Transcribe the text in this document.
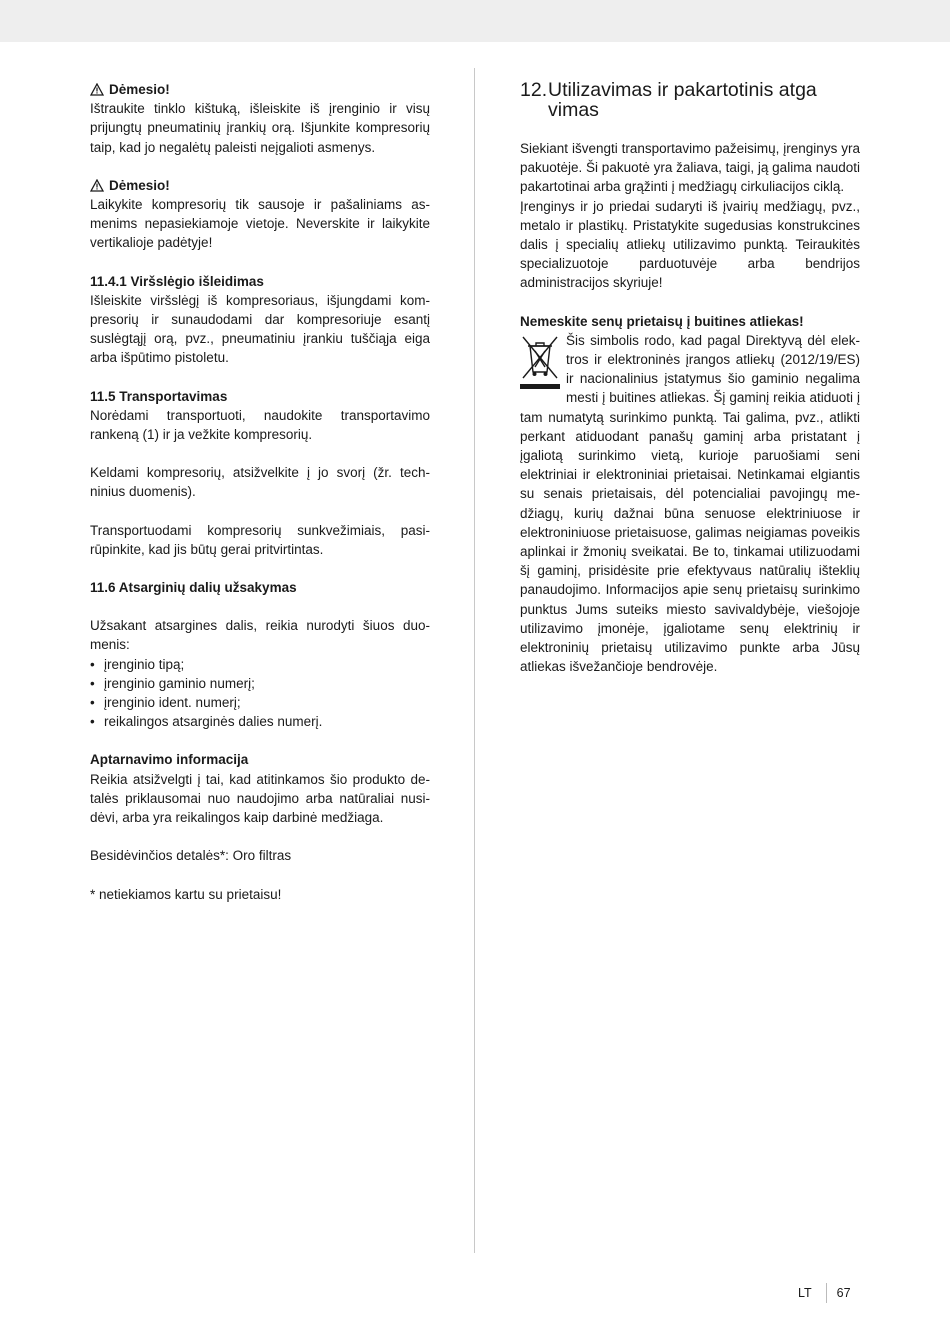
Dėmesio!

Ištraukite tinklo kištuką, išleiskite iš įrenginio ir visų prijungtų pneumatinių įrankių orą. Išjunkite kompresorių taip, kad jo negalėtų paleisti neįgalioti asmenys.

Dėmesio!

Laikykite kompresorių tik sausoje ir pašaliniams asmenims nepasiekiamoje vietoje. Neverskite ir laikykite vertikalioje padėtyje!

11.4.1 Viršslėgio išleidimas

Išleiskite viršslėgį iš kompresoriaus, išjungdami kompresorių ir sunaudodami dar kompresoriuje esantį suslėgtąjį orą, pvz., pneumatiniu įrankiu tuščiąja eiga arba išpūtimo pistoletu.

11.5 Transportavimas

Norėdami transportuoti, naudokite transportavimo rankeną (1) ir ja vežkite kompresorių.

Keldami kompresorių, atsižvelkite į jo svorį (žr. techninius duomenis).

Transportuodami kompresorių sunkvežimiais, pasirūpinkite, kad jis būtų gerai pritvirtintas.

11.6 Atsarginių dalių užsakymas

Užsakant atsargines dalis, reikia nurodyti šiuos duomenis:

• įrenginio tipą;
• įrenginio gaminio numerį;
• įrenginio ident. numerį;
• reikalingos atsarginės dalies numerį.

Aptarnavimo informacija

Reikia atsižvelgti į tai, kad atitinkamos šio produkto detalės priklausomai nuo naudojimo arba natūraliai nusidėvi, arba yra reikalingos kaip darbinė medžiaga.

Besidėvinčios detalės*: Oro filtras

* netiekiamos kartu su prietaisu!

12.Utilizavimas ir pakartotinis atga
vimas

Siekiant išvengti transportavimo pažeisimų, įrenginys yra pakuotėje. Ši pakuotė yra žaliava, taigi, ją galima naudoti pakartotinai arba grąžinti į medžiagų cirkuliacijos ciklą.

Įrenginys ir jo priedai sudaryti iš įvairių medžiagų, pvz., metalo ir plastikų. Pristatykite sugedusias konstrukcines dalis į specialių atliekų utilizavimo punktą. Teiraukitės specializuotoje parduotuvėje arba bendrijos administracijos skyriuje!

Nemeskite senų prietaisų į buitines atliekas!

Šis simbolis rodo, kad pagal Direktyvą dėl elektros ir elektroninės įrangos atliekų (2012/19/ES) ir nacionalinius įstatymus šio gaminio negalima mesti į buitines atliekas. Šį gaminį reikia atiduoti į tam numatytą surinkimo punktą. Tai galima, pvz., atlikti perkant atiduodant panašų gaminį arba pristatant į įgaliotą surinkimo vietą, kurioje paruošiami seni elektriniai ir elektroniniai prietaisai. Netinkamai elgiantis su senais prietaisais, dėl potencialiai pavojingų medžiagų, kurių dažnai būna senuose elektriniuose ir elektroniniuose prietaisuose, galimas neigiamas poveikis aplinkai ir žmonių sveikatai. Be to, tinkamai utilizuodami šį gaminį, prisidėsite prie efektyvaus natūralių išteklių panaudojimo. Informacijos apie senų prietaisų surinkimo punktus Jums suteiks miesto savivaldybėje, viešojoje utilizavimo įmonėje, įgaliotame senų elektrinių ir elektroninių prietaisų utilizavimo punkte arba Jūsų atliekas išvežančioje bendrovėje.

LT 67
